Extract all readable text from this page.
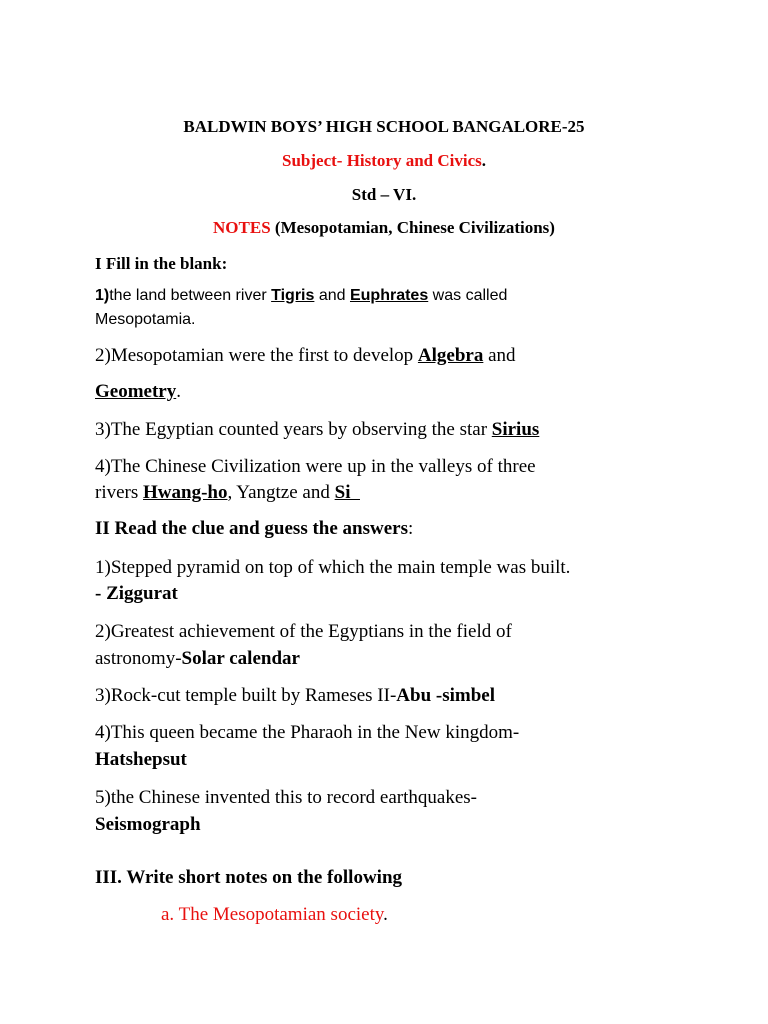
BALDWIN BOYS’ HIGH SCHOOL BANGALORE-25
Subject- History and Civics.
Std – VI.
NOTES (Mesopotamian, Chinese Civilizations)
I Fill in the blank:
1)the land between river Tigris and Euphrates was called
Mesopotamia.
2)Mesopotamian were the first to develop Algebra and
Geometry.
3)The Egyptian counted years by observing the star Sirius
4)The Chinese Civilization were up in the valleys of three
rivers Hwang-ho, Yangtze and Si
II Read the clue and guess the answers:
1)Stepped pyramid on top of which the main temple was built.
- Ziggurat
2)Greatest achievement of the Egyptians in the field of
astronomy-Solar calendar
3)Rock-cut temple built by Rameses II-Abu -simbel
4)This queen became the Pharaoh in the New kingdom-
Hatshepsut
5)the Chinese invented this to record earthquakes-
Seismograph
III. Write short notes on the following
a. The Mesopotamian society.
